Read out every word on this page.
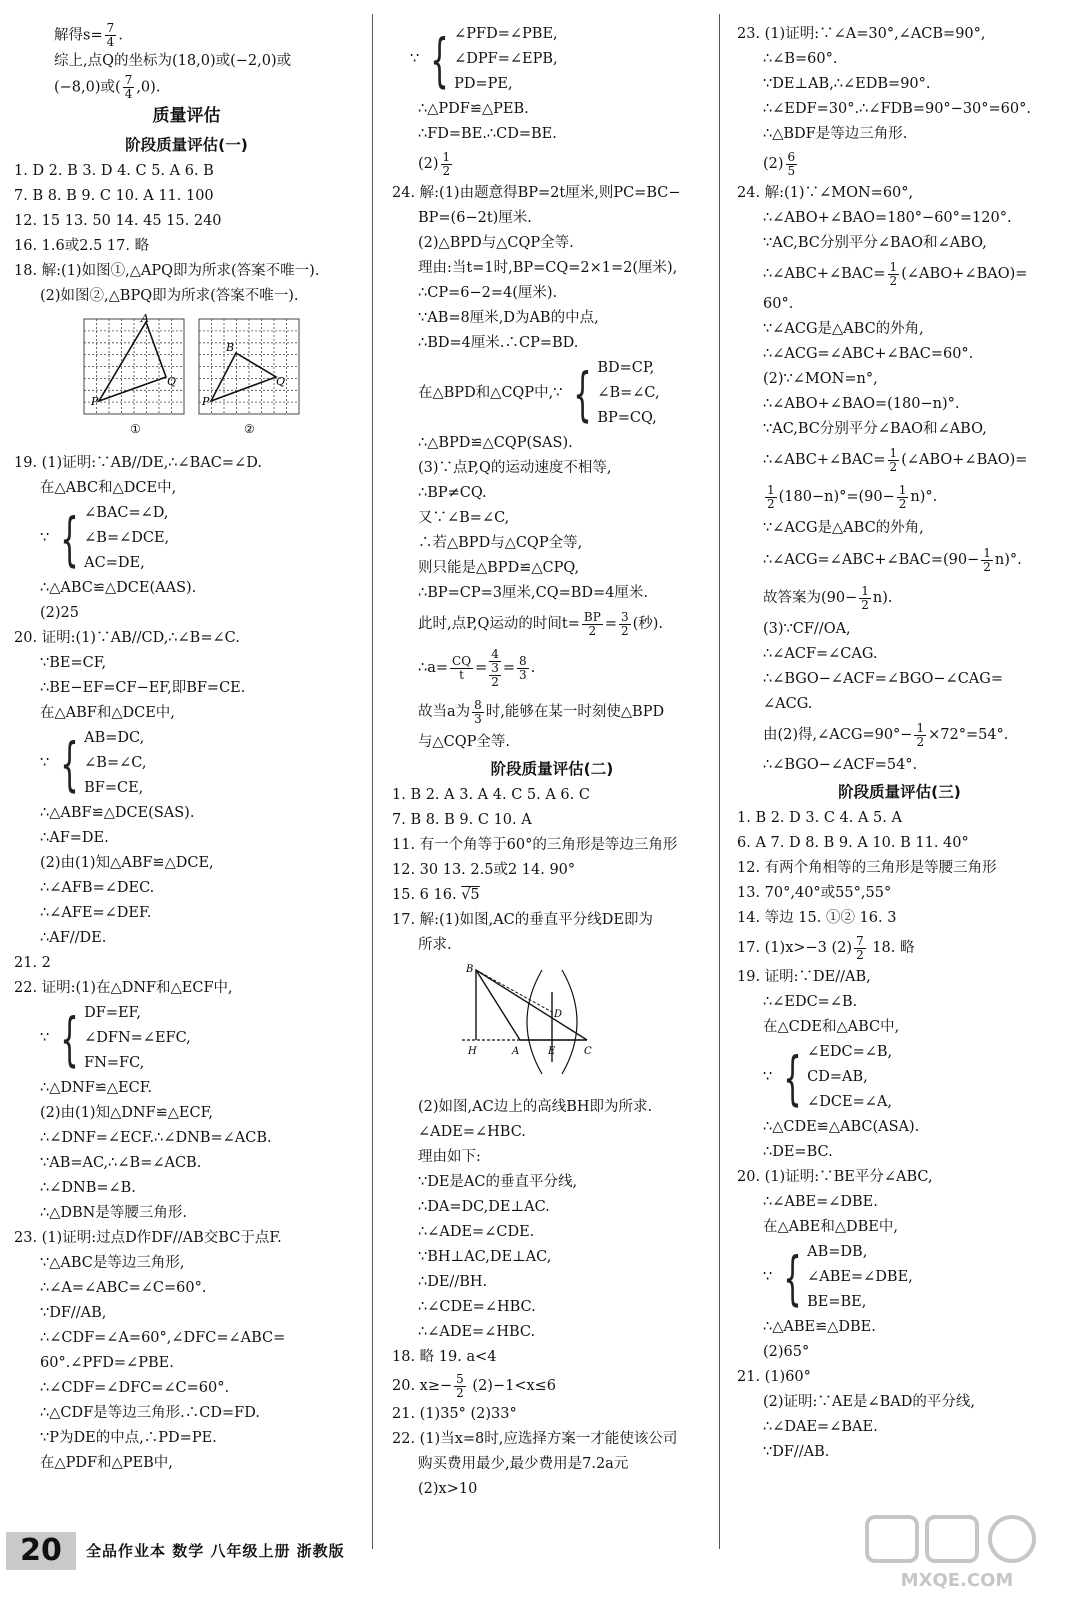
解得$s= \frac{7}{4}$ .
综上,点Q的坐标为(18,0)或(−2,0)或
(−8,0)或( $\frac{7}{4} ,0$).
质量评估
阶段质量评估(一)
1. D 2. B 3. D 4. C 5. A 6. B
7. B 8. B 9. C 10. A 11. 100
12. 15 13. 50 14. 45 15. 240
16. 1.6或2.5 17. 略
18. 解:(1)如图①,△APQ即为所求(答案不唯一).
(2)如图②,△BPQ即为所求(答案不唯一).
A
P
Q
①
B
P
Q
②
19. (1)证明:∵AB//DE,∴∠BAC=∠D.
在△ABC和△DCE中,
∵ { ∠BAC=∠D,
∠B=∠DCE,
AC=DE,
∴△ABC≌△DCE(AAS).
(2)25
20. 证明:(1)∵AB//CD,∴∠B=∠C.
∵BE=CF,
∴BE−EF=CF−EF,即BF=CE.
在△ABF和△DCE中,
∵ { AB=DC,
∠B=∠C,
BF=CE,
∴△ABF≌△DCE(SAS).
∴AF=DE.
(2)由(1)知△ABF≌△DCE,
∴∠AFB=∠DEC.
∴∠AFE=∠DEF.
∴AF//DE.
21. 2
22. 证明:(1)在△DNF和△ECF中,
∵ { DF=EF,
∠DFN=∠EFC,
FN=FC,
∴△DNF≌△ECF.
(2)由(1)知△DNF≌△ECF,
∴∠DNF=∠ECF.∴∠DNB=∠ACB.
∵AB=AC,∴∠B=∠ACB.
∴∠DNB=∠B.
∴△DBN是等腰三角形.
23. (1)证明:过点D作DF//AB交BC于点F.
∵△ABC是等边三角形,
∴∠A=∠ABC=∠C=60°.
∵DF//AB,
∴∠CDF=∠A=60°,∠DFC=∠ABC=
60°.∠PFD=∠PBE.
∴∠CDF=∠DFC=∠C=60°.
∴△CDF是等边三角形.∴CD=FD.
∵P为DE的中点,∴PD=PE.
在△PDF和△PEB中,
∵ { ∠PFD=∠PBE,
∠DPF=∠EPB,
PD=PE,
∴△PDF≌△PEB.
∴FD=BE.∴CD=BE.
$(2) \frac{1}{2}$
24. 解:(1)由题意得BP=2t厘米,则PC=BC−
BP=(6−2t)厘米.
(2)△BPD与△CQP全等.
理由:当t=1时,BP=CQ=2×1=2(厘米),
∴CP=6−2=4(厘米).
∵AB=8厘米,D为AB的中点,
∴BD=4厘米.∴CP=BD.
在△BPD和△CQP中, ∵ { BD=CP,
∠B=∠C,
BP=CQ,
∴△BPD≌△CQP(SAS).
(3)∵点P,Q的运动速度不相等,
∴BP≠CQ.
又∵∠B=∠C,
∴若△BPD与△CQP全等,
则只能是△BPD≌△CPQ,
∴BP=CP=3厘米,CQ=BD=4厘米.
此时,点P,Q运动的时间$t= \frac{BP}{2} = \frac{3}{2}$ (秒).
∴a= $\frac{CQ}{t} = 4$
3
$2 = \frac{8}{3}$ .
故当a为 $\frac{8}{3}$ 时,能够在某一时刻使△BPD
与△CQP全等.
阶段质量评估(二)
1. B 2. A 3. A 4. C 5. A 6. C
7. B 8. B 9. C 10. A
11. 有一个角等于60°的三角形是等边三角形
12. 30 13. 2.5或2 14. 90°
15. 6 16. √5
17. 解:(1)如图,AC的垂直平分线DE即为
所求.
B
D
H	A	E	C
(2)如图,AC边上的高线BH即为所求.
∠ADE=∠HBC.
理由如下:
∵DE是AC的垂直平分线,
∴DA=DC,DE⊥AC.
∴∠ADE=∠CDE.
∵BH⊥AC,DE⊥AC,
∴DE//BH.
∴∠CDE=∠HBC.
∴∠ADE=∠HBC.
18. 略 19. a<4
20. $x\ge- \frac{5}{2} (2)-1<x\le 6$
21. (1)35° (2)33°
22. (1)当x=8时,应选择方案一才能使该公司
购买费用最少,最少费用是7.2a元
(2)x>10
23. (1)证明:∵∠A=30°,∠ACB=90°,
∴∠B=60°.
∵DE⊥AB,∴∠EDB=90°.
∴∠EDF=30°.∴∠FDB=90°−30°=60°.
∴△BDF是等边三角形.
$(2) \frac{6}{5}$
24. 解:(1)∵∠MON=60°,
∴∠ABO+∠BAO=180°−60°=120°.
∵AC,BC分别平分∠BAO和∠ABO,
∴∠ABC+∠BAC= $\frac{1}{2}$ (∠ABO+∠BAO)=
60°.
∵∠ACG是△ABC的外角,
∴∠ACG=∠ABC+∠BAC=60°.
(2)∵∠MON=n°,
∴∠ABO+∠BAO=(180−n)°.
∵AC,BC分别平分∠BAO和∠ABO,
∴∠ABC+∠BAC= $\frac{1}{2}$ (∠ABO+∠BAO)=
$\frac{1}{2} (180-n)^\circ=(90- \frac{1}{2} n)^\circ$.
∵∠ACG是△ABC的外角,
∴∠ACG=∠ABC+∠BAC=(90− $\frac{1}{2} n)^\circ$.
故答案为$(90- \frac{1}{2} n)$.
(3)∵CF//OA,
∴∠ACF=∠CAG.
∴∠BGO−∠ACF=∠BGO−∠CAG=
∠ACG.
由(2)得,∠ACG=90°− $\frac{1}{2} \times 72^\circ=54^\circ$.
∴∠BGO−∠ACF=54°.
阶段质量评估(三)
1. B 2. D 3. C 4. A 5. A
6. A 7. D 8. B 9. A 10. B 11. 40°
12. 有两个角相等的三角形是等腰三角形
13. 70°,40°或55°,55°
14. 等边 15. ①② 16. 3
17. (1)x>−3 $(2) \frac{7}{2} 18$. 略
19. 证明:∵DE//AB,
∴∠EDC=∠B.
在△CDE和△ABC中,
∵ { ∠EDC=∠B,
CD=AB,
∠DCE=∠A,
∴△CDE≌△ABC(ASA).
∴DE=BC.
20. (1)证明:∵BE平分∠ABC,
∴∠ABE=∠DBE.
在△ABE和△DBE中,
∵ { AB=DB,
∠ABE=∠DBE,
BE=BE,
∴△ABE≌△DBE.
(2)65°
21. (1)60°
(2)证明:∵AE是∠BAD的平分线,
∴∠DAE=∠BAE.
∵DF//AB.
20	全品作业本 数学 八年级上册 浙教版
MXQE.COM
